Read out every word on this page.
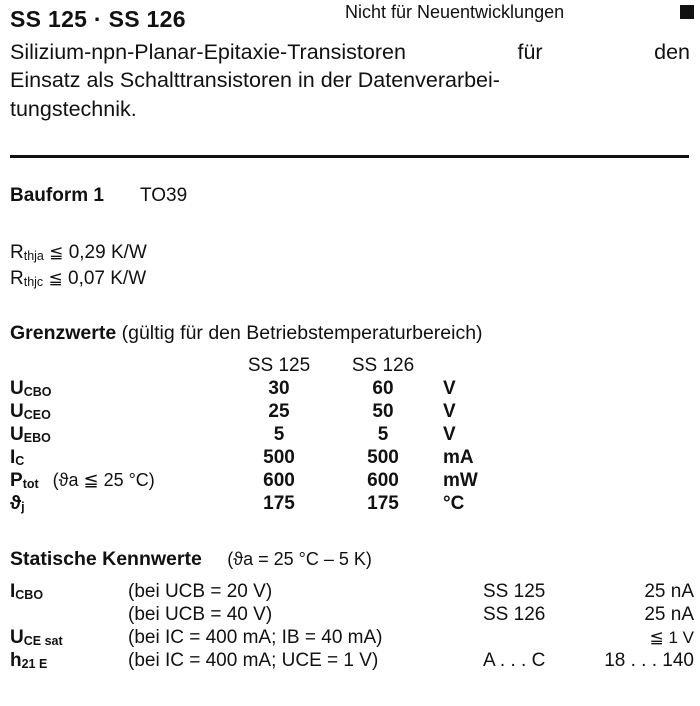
SS 125 · SS 126	Nicht für Neuentwicklungen
Silizium-npn-Planar-Epitaxie-Transistoren	für	den
Einsatz als Schalttransistoren in der Datenverarbei-
tungstechnik.
Bauform 1 TO39
Rthja ≦ 0,29 K/W
Rthjc ≦ 0,07 K/W
Grenzwerte (gültig für den Betriebstemperaturbereich)
	SS 125	SS 126	
UCBO	30	60	V
UCEO	25	50	V
UEBO	5	5	V
IC	500	500	mA
Ptot (ϑa ≦ 25 °C)	600	600	mW
ϑj	175	175	°C
Statische Kennwerte (ϑa = 25 °C – 5 K)
ICBO	(bei UCB = 20 V)	SS 125	25 nA
	(bei UCB = 40 V)	SS 126	25 nA
UCE sat	(bei IC = 400 mA; IB = 40 mA)		≦ 1 V
h21 E	(bei IC = 400 mA; UCE = 1 V)	A . . . C	18 . . . 140
